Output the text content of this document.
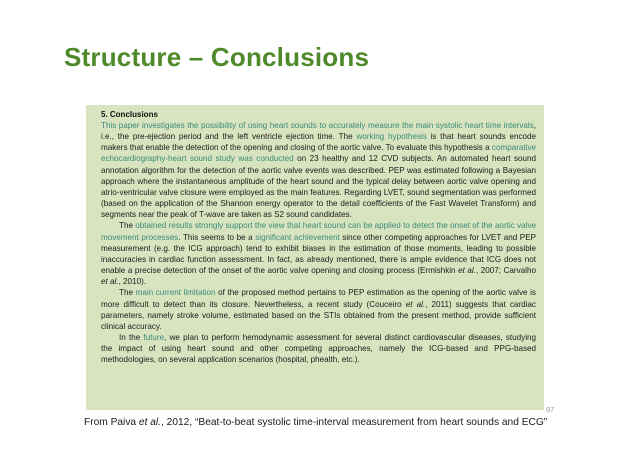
Structure – Conclusions

5. Conclusions

This paper investigates the possibility of using heart sounds to accurately measure the main systolic heart time intervals, i.e., the pre-ejection period and the left ventricle ejection time. The working hypothesis is that heart sounds encode makers that enable the detection of the opening and closing of the aortic valve. To evaluate this hypothesis a comparative echocardiography-heart sound study was conducted on 23 healthy and 12 CVD subjects. An automated heart sound annotation algorithm for the detection of the aortic valve events was described. PEP was estimated following a Bayesian approach where the instantaneous amplitude of the heart sound and the typical delay between aortic valve opening and atrio-ventricular valve closure were employed as the main features. Regarding LVET, sound segmentation was performed (based on the application of the Shannon energy operator to the detail coefficients of the Fast Wavelet Transform) and segments near the peak of T-wave are taken as S2 sound candidates.

The obtained results strongly support the view that heart sound can be applied to detect the onset of the aortic valve movement processes. This seems to be a significant achievement since other competing approaches for LVET and PEP measurement (e.g. the ICG approach) tend to exhibit biases in the estimation of those moments, leading to possible inaccuracies in cardiac function assessment. In fact, as already mentioned, there is ample evidence that ICG does not enable a precise detection of the onset of the aortic valve opening and closing process (Ermishkin et al., 2007; Carvalho et al., 2010).

The main current limitation of the proposed method pertains to PEP estimation as the opening of the aortic valve is more difficult to detect than its closure. Nevertheless, a recent study (Couceiro et al., 2011) suggests that cardiac parameters, namely stroke volume, estimated based on the STIs obtained from the present method, provide sufficient clinical accuracy.

In the future, we plan to perform hemodynamic assessment for several distinct cardiovascular diseases, studying the impact of using heart sound and other competing approaches, namely the ICG-based and PPG-based methodologies, on several application scenarios (hospital, phealth, etc.).

97
From Paiva et al., 2012, “Beat-to-beat systolic time-interval measurement from heart sounds and ECG”
